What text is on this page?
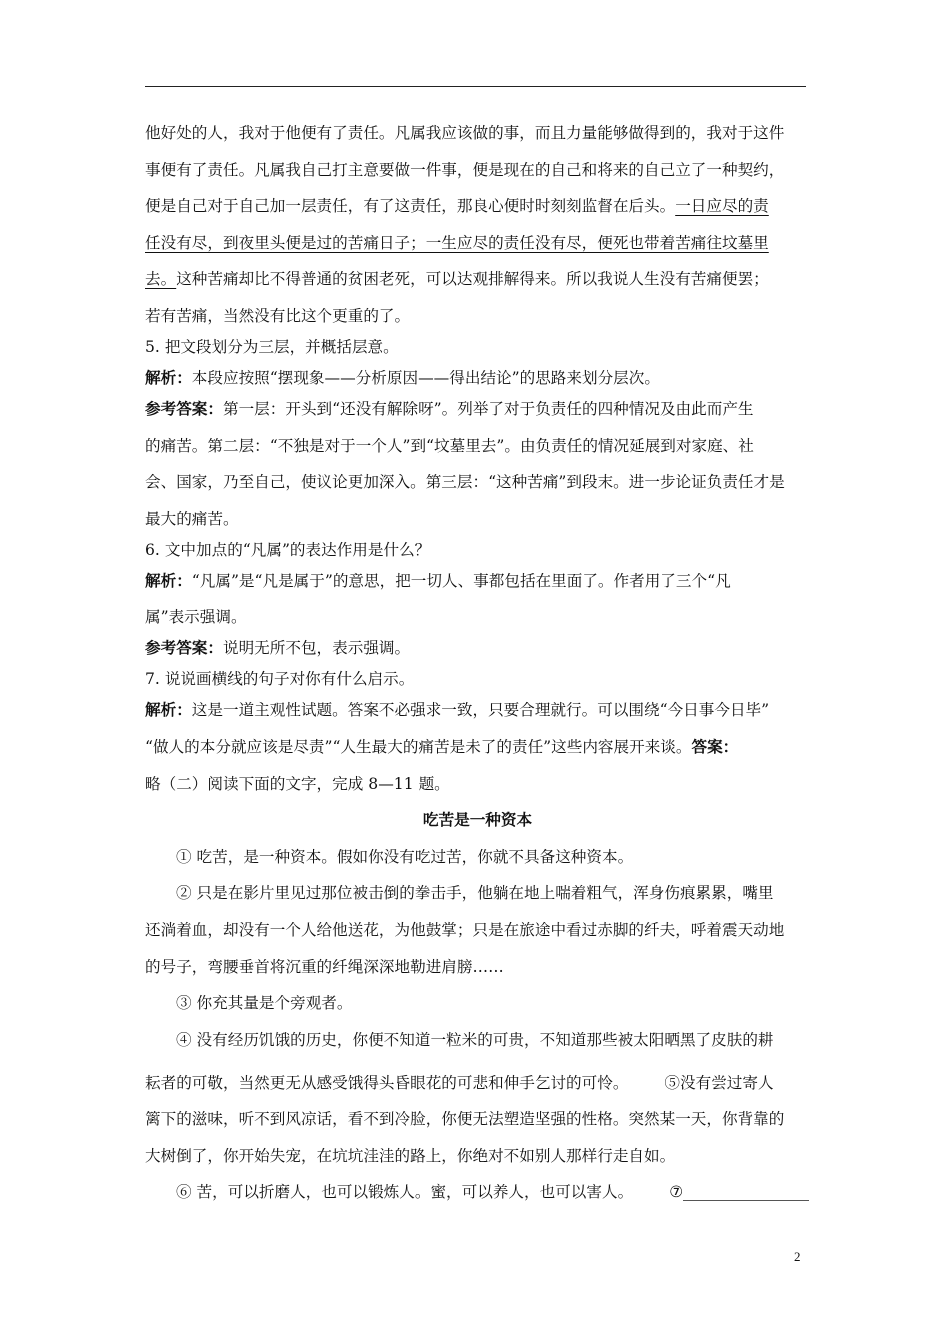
他好处的人，我对于他便有了责任。凡属我应该做的事，而且力量能够做得到的，我对于这件
事便有了责任。凡属我自己打主意要做一件事，便是现在的自己和将来的自己立了一种契约，
便是自己对于自己加一层责任，有了这责任，那良心便时时刻刻监督在后头。一日应尽的责
任没有尽，到夜里头便是过的苦痛日子；一生应尽的责任没有尽，便死也带着苦痛往坟墓里
去。这种苦痛却比不得普通的贫困老死，可以达观排解得来。所以我说人生没有苦痛便罢；
若有苦痛，当然没有比这个更重的了。
5. 把文段划分为三层，并概括层意。
解析：本段应按照“摆现象——分析原因——得出结论”的思路来划分层次。
参考答案：第一层：开头到“还没有解除呀”。列举了对于负责任的四种情况及由此而产生
的痛苦。第二层：“不独是对于一个人”到“坟墓里去”。由负责任的情况延展到对家庭、社
会、国家，乃至自己，使议论更加深入。第三层：“这种苦痛”到段末。进一步论证负责任才是
最大的痛苦。
6. 文中加点的“凡属”的表达作用是什么？
解析：“凡属”是“凡是属于”的意思，把一切人、事都包括在里面了。作者用了三个“凡
属”表示强调。
参考答案：说明无所不包，表示强调。
7. 说说画横线的句子对你有什么启示。
解析：这是一道主观性试题。答案不必强求一致，只要合理就行。可以围绕“今日事今日毕”
“做人的本分就应该是尽责”“人生最大的痛苦是未了的责任”这些内容展开来谈。答案：
略（二）阅读下面的文字，完成 8—11 题。
吃苦是一种资本
① 吃苦，是一种资本。假如你没有吃过苦，你就不具备这种资本。
② 只是在影片里见过那位被击倒的拳击手，他躺在地上喘着粗气，浑身伤痕累累，嘴里
还淌着血，却没有一个人给他送花，为他鼓掌；只是在旅途中看过赤脚的纤夫，呼着震天动地
的号子，弯腰垂首将沉重的纤绳深深地勒进肩膀……
③ 你充其量是个旁观者。
④ 没有经历饥饿的历史，你便不知道一粒米的可贵，不知道那些被太阳晒黑了皮肤的耕
耘者的可敬，当然更无从感受饿得头昏眼花的可悲和伸手乞讨的可怜。 ⑤没有尝过寄人
篱下的滋味，听不到风凉话，看不到冷脸，你便无法塑造坚强的性格。突然某一天，你背靠的
大树倒了，你开始失宠，在坑坑洼洼的路上，你绝对不如别人那样行走自如。
⑥ 苦，可以折磨人，也可以锻炼人。蜜，可以养人，也可以害人。 ⑦
2
